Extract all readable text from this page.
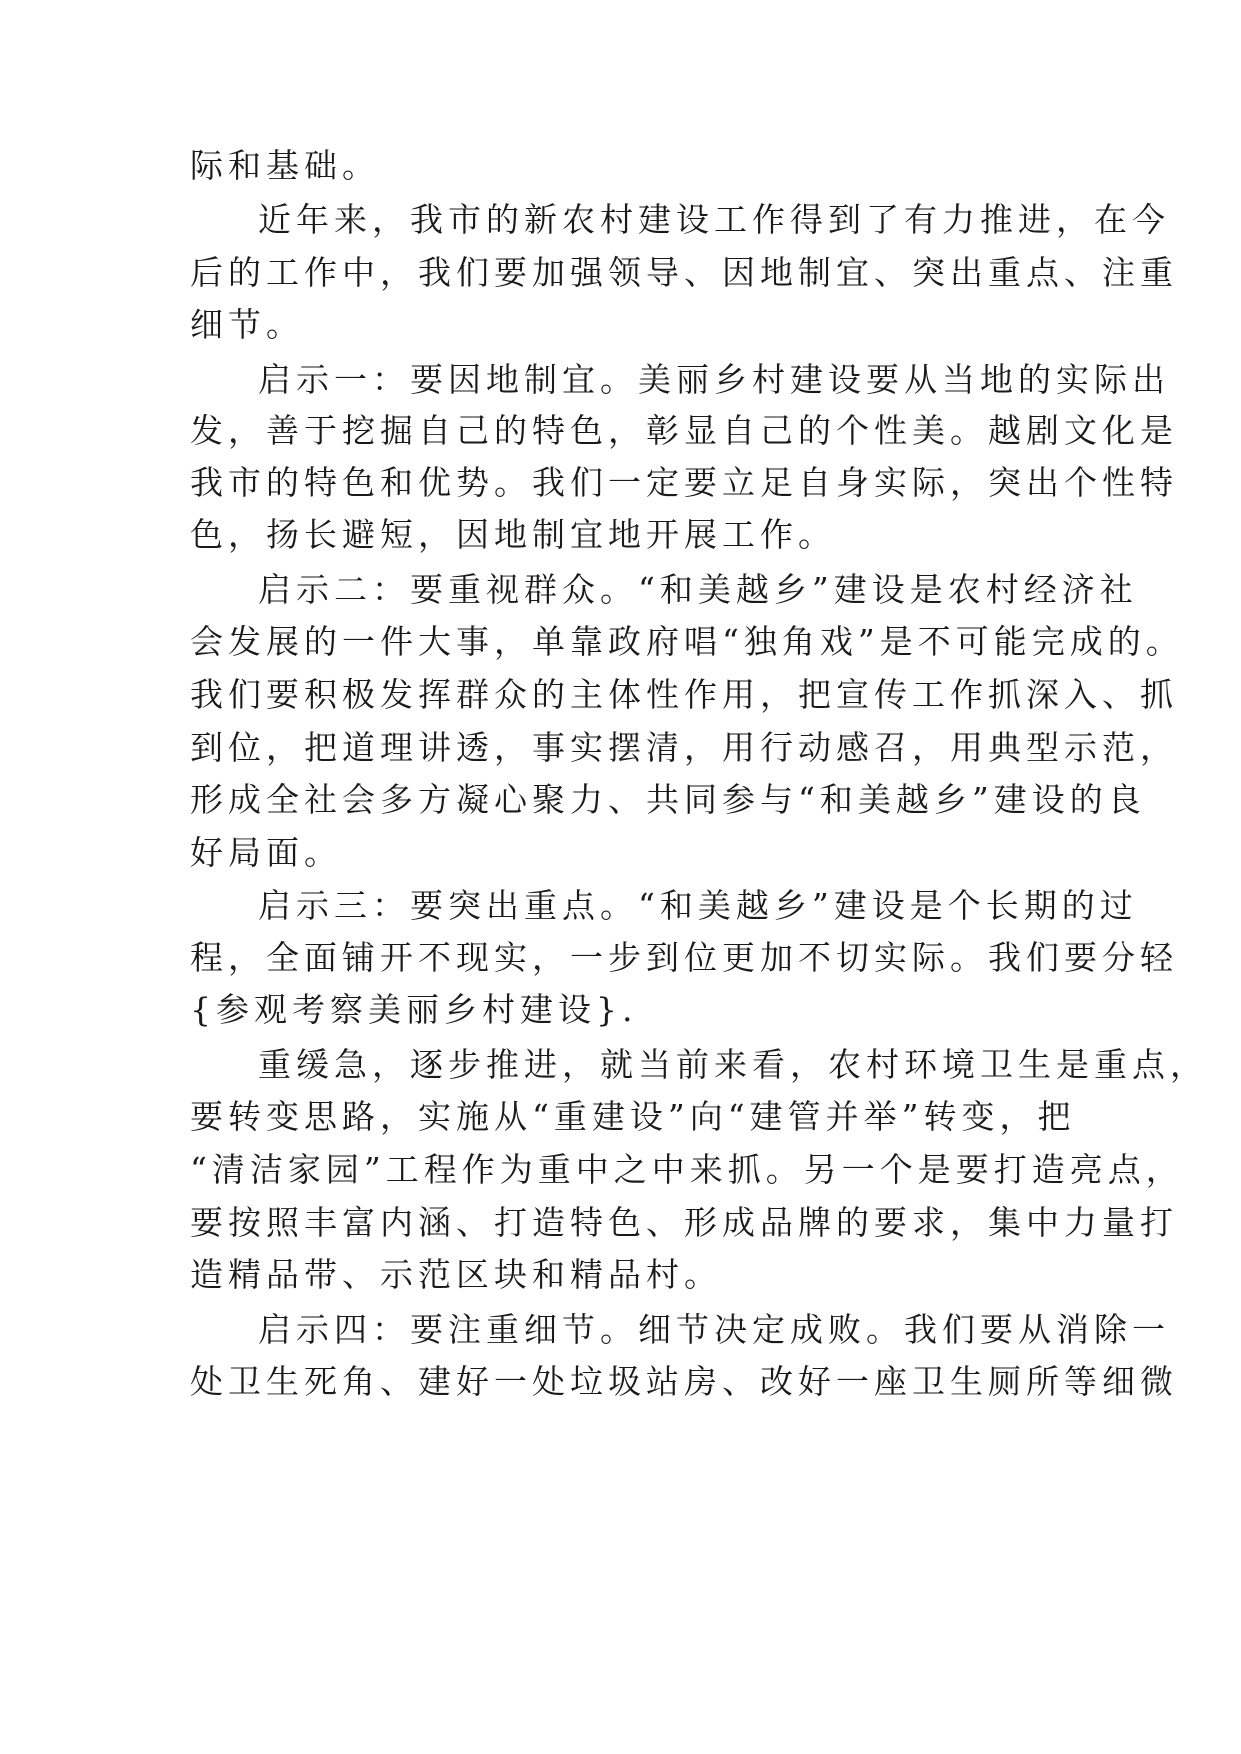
际和基础。
近年来，我市的新农村建设工作得到了有力推进，在今
后的工作中，我们要加强领导、因地制宜、突出重点、注重
细节。
启示一：要因地制宜。美丽乡村建设要从当地的实际出
发，善于挖掘自己的特色，彰显自己的个性美。越剧文化是
我市的特色和优势。我们一定要立足自身实际，突出个性特
色，扬长避短，因地制宜地开展工作。
启示二：要重视群众。“和美越乡”建设是农村经济社
会发展的一件大事，单靠政府唱“独角戏”是不可能完成的。
我们要积极发挥群众的主体性作用，把宣传工作抓深入、抓
到位，把道理讲透，事实摆清，用行动感召，用典型示范，
形成全社会多方凝心聚力、共同参与“和美越乡”建设的良
好局面。
启示三：要突出重点。“和美越乡”建设是个长期的过
程，全面铺开不现实，一步到位更加不切实际。我们要分轻
{参观考察美丽乡村建设}.
重缓急，逐步推进，就当前来看，农村环境卫生是重点，
要转变思路，实施从“重建设”向“建管并举”转变，把
“清洁家园”工程作为重中之中来抓。另一个是要打造亮点，
要按照丰富内涵、打造特色、形成品牌的要求，集中力量打
造精品带、示范区块和精品村。
启示四：要注重细节。细节决定成败。我们要从消除一
处卫生死角、建好一处垃圾站房、改好一座卫生厕所等细微
